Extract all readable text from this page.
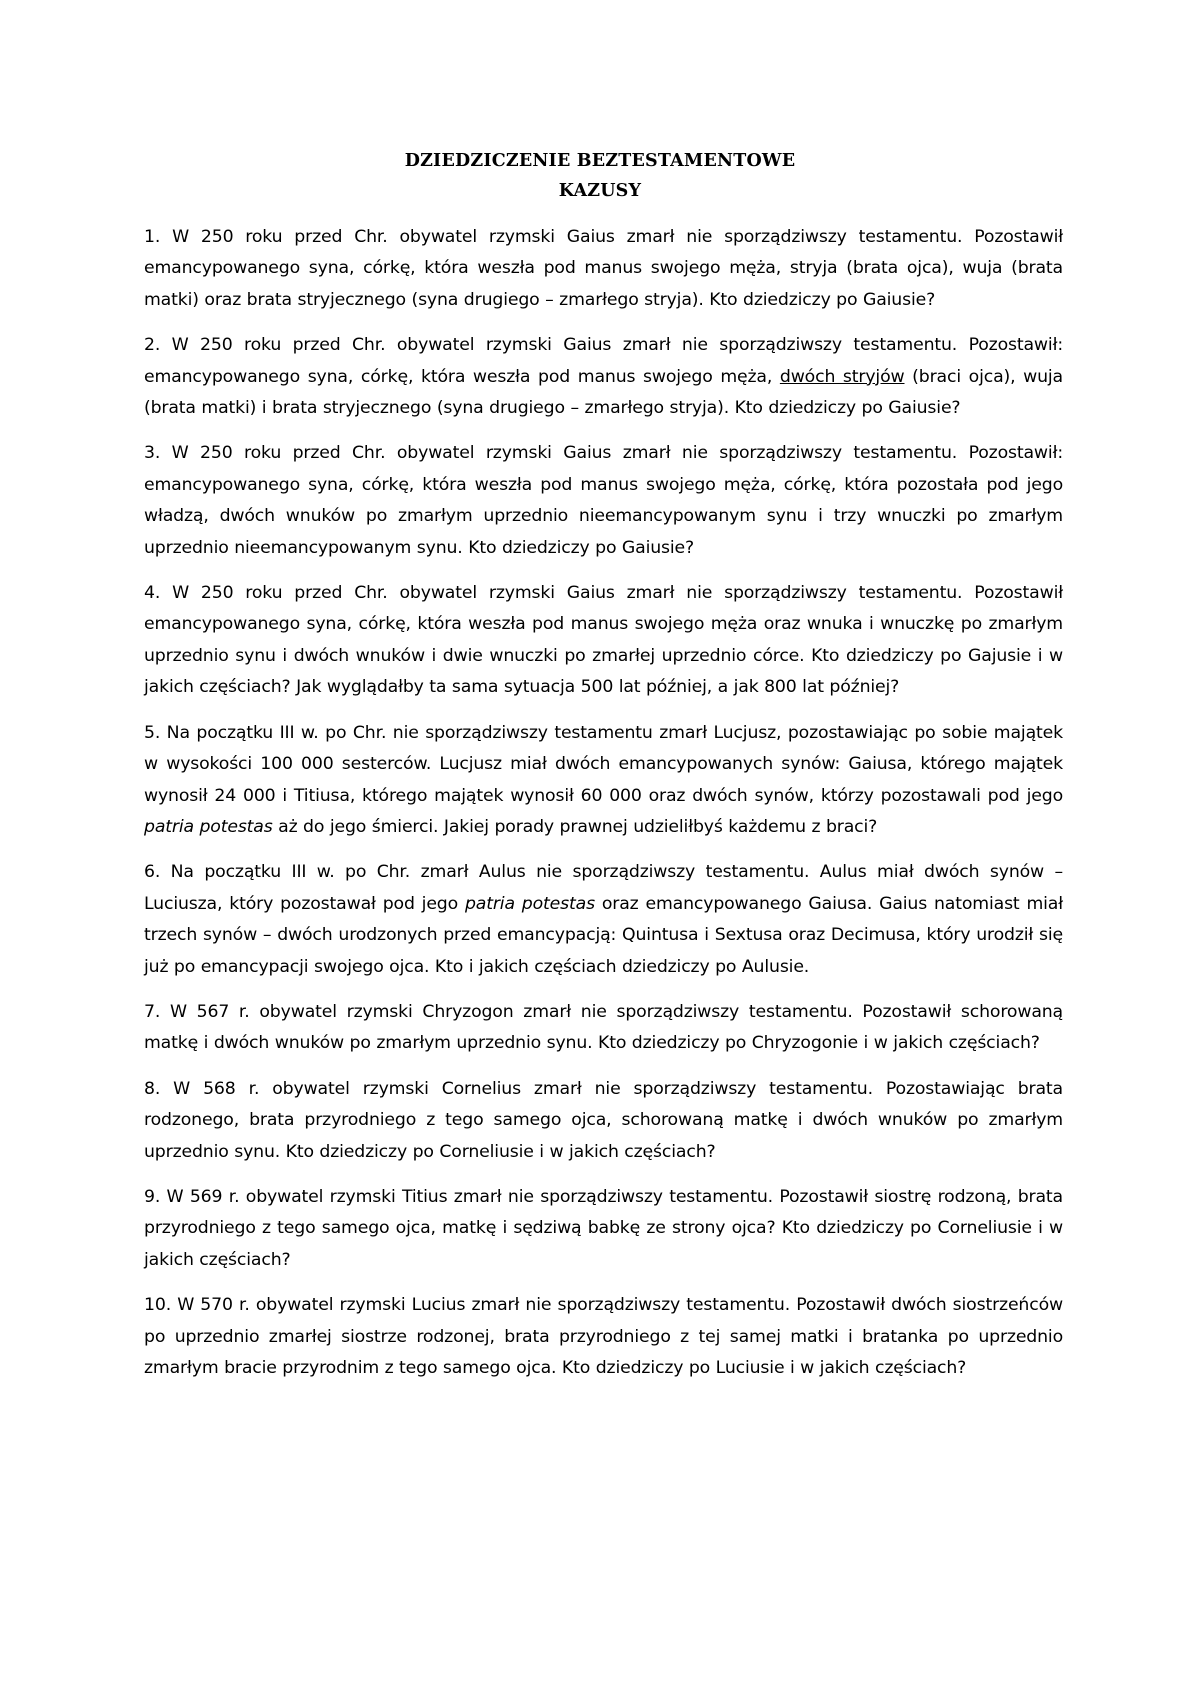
DZIEDZICZENIE BEZTESTAMENTOWE
KAZUSY

1. W 250 roku przed Chr. obywatel rzymski Gaius zmarł nie sporządziwszy testamentu. Pozostawił emancypowanego syna, córkę, która weszła pod manus swojego męża, stryja (brata ojca), wuja (brata matki) oraz brata stryjecznego (syna drugiego – zmarłego stryja). Kto dziedziczy po Gaiusie?

2. W 250 roku przed Chr. obywatel rzymski Gaius zmarł nie sporządziwszy testamentu. Pozostawił: emancypowanego syna, córkę, która weszła pod manus swojego męża, dwóch stryjów (braci ojca), wuja (brata matki) i brata stryjecznego (syna drugiego – zmarłego stryja). Kto dziedziczy po Gaiusie?

3. W 250 roku przed Chr. obywatel rzymski Gaius zmarł nie sporządziwszy testamentu. Pozostawił: emancypowanego syna, córkę, która weszła pod manus swojego męża, córkę, która pozostała pod jego władzą, dwóch wnuków po zmarłym uprzednio nieemancypowanym synu i trzy wnuczki po zmarłym uprzednio nieemancypowanym synu. Kto dziedziczy po Gaiusie?

4. W 250 roku przed Chr. obywatel rzymski Gaius zmarł nie sporządziwszy testamentu. Pozostawił emancypowanego syna, córkę, która weszła pod manus swojego męża oraz wnuka i wnuczkę po zmarłym uprzednio synu i dwóch wnuków i dwie wnuczki po zmarłej uprzednio córce. Kto dziedziczy po Gajusie i w jakich częściach? Jak wyglądałby ta sama sytuacja 500 lat później, a jak 800 lat później?

5. Na początku III w. po Chr. nie sporządziwszy testamentu zmarł Lucjusz, pozostawiając po sobie majątek w wysokości 100 000 sesterców. Lucjusz miał dwóch emancypowanych synów: Gaiusa, którego majątek wynosił 24 000 i Titiusa, którego majątek wynosił 60 000 oraz dwóch synów, którzy pozostawali pod jego patria potestas aż do jego śmierci. Jakiej porady prawnej udzieliłbyś każdemu z braci?

6. Na początku III w. po Chr. zmarł Aulus nie sporządziwszy testamentu. Aulus miał dwóch synów – Luciusza, który pozostawał pod jego patria potestas oraz emancypowanego Gaiusa. Gaius natomiast miał trzech synów – dwóch urodzonych przed emancypacją: Quintusa i Sextusa oraz Decimusa, który urodził się już po emancypacji swojego ojca. Kto i jakich częściach dziedziczy po Aulusie.

7. W 567 r. obywatel rzymski Chryzogon zmarł nie sporządziwszy testamentu. Pozostawił schorowaną matkę i dwóch wnuków po zmarłym uprzednio synu. Kto dziedziczy po Chryzogonie i w jakich częściach?

8. W 568 r. obywatel rzymski Cornelius zmarł nie sporządziwszy testamentu. Pozostawiając brata rodzonego, brata przyrodniego z tego samego ojca, schorowaną matkę i dwóch wnuków po zmarłym uprzednio synu. Kto dziedziczy po Corneliusie i w jakich częściach?

9. W 569 r. obywatel rzymski Titius zmarł nie sporządziwszy testamentu. Pozostawił siostrę rodzoną, brata przyrodniego z tego samego ojca, matkę i sędziwą babkę ze strony ojca? Kto dziedziczy po Corneliusie i w jakich częściach?

10. W 570 r. obywatel rzymski Lucius zmarł nie sporządziwszy testamentu. Pozostawił dwóch siostrzeńców po uprzednio zmarłej siostrze rodzonej, brata przyrodniego z tej samej matki i bratanka po uprzednio zmarłym bracie przyrodnim z tego samego ojca. Kto dziedziczy po Luciusie i w jakich częściach?
